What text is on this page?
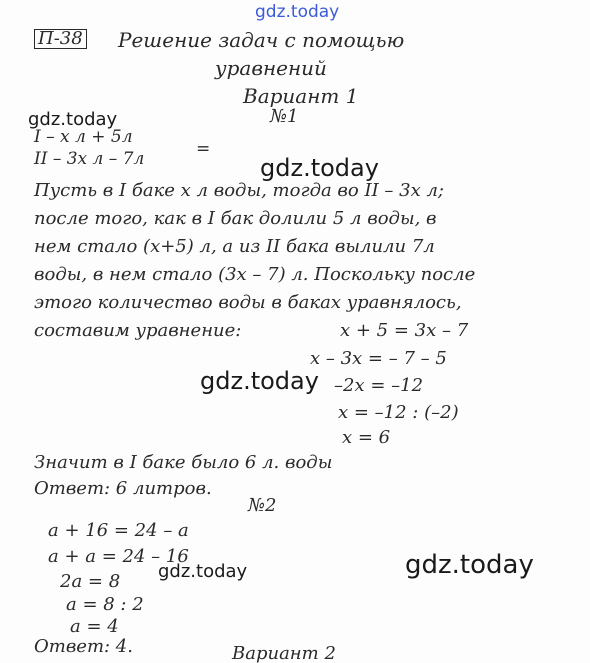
gdz.today
gdz.today
gdz.today
gdz.today
gdz.today	gdz.today
П-38 Решение задач с помощью
уравнений
Вариант 1
№1
I – x л + 5л
II – 3x л – 7л	=
Пусть в I баке x л воды, тогда во II – 3x л;
после того, как в I бак долили 5 л воды, в
нем стало (x+5) л, а из II бака вылили 7л
воды, в нем стало (3x – 7) л. Поскольку после
этого количество воды в баках уравнялось,
составим уравнение:	x + 5 = 3x – 7
x – 3x = – 7 – 5
–2x = –12
x = –12 : (–2)
x = 6
Значит в I баке было 6 л. воды
Ответ: 6 литров.
№2
a + 16 = 24 – a
a + a = 24 – 16
2a = 8
a = 8 : 2
a = 4
Ответ: 4.	Вариант 2
